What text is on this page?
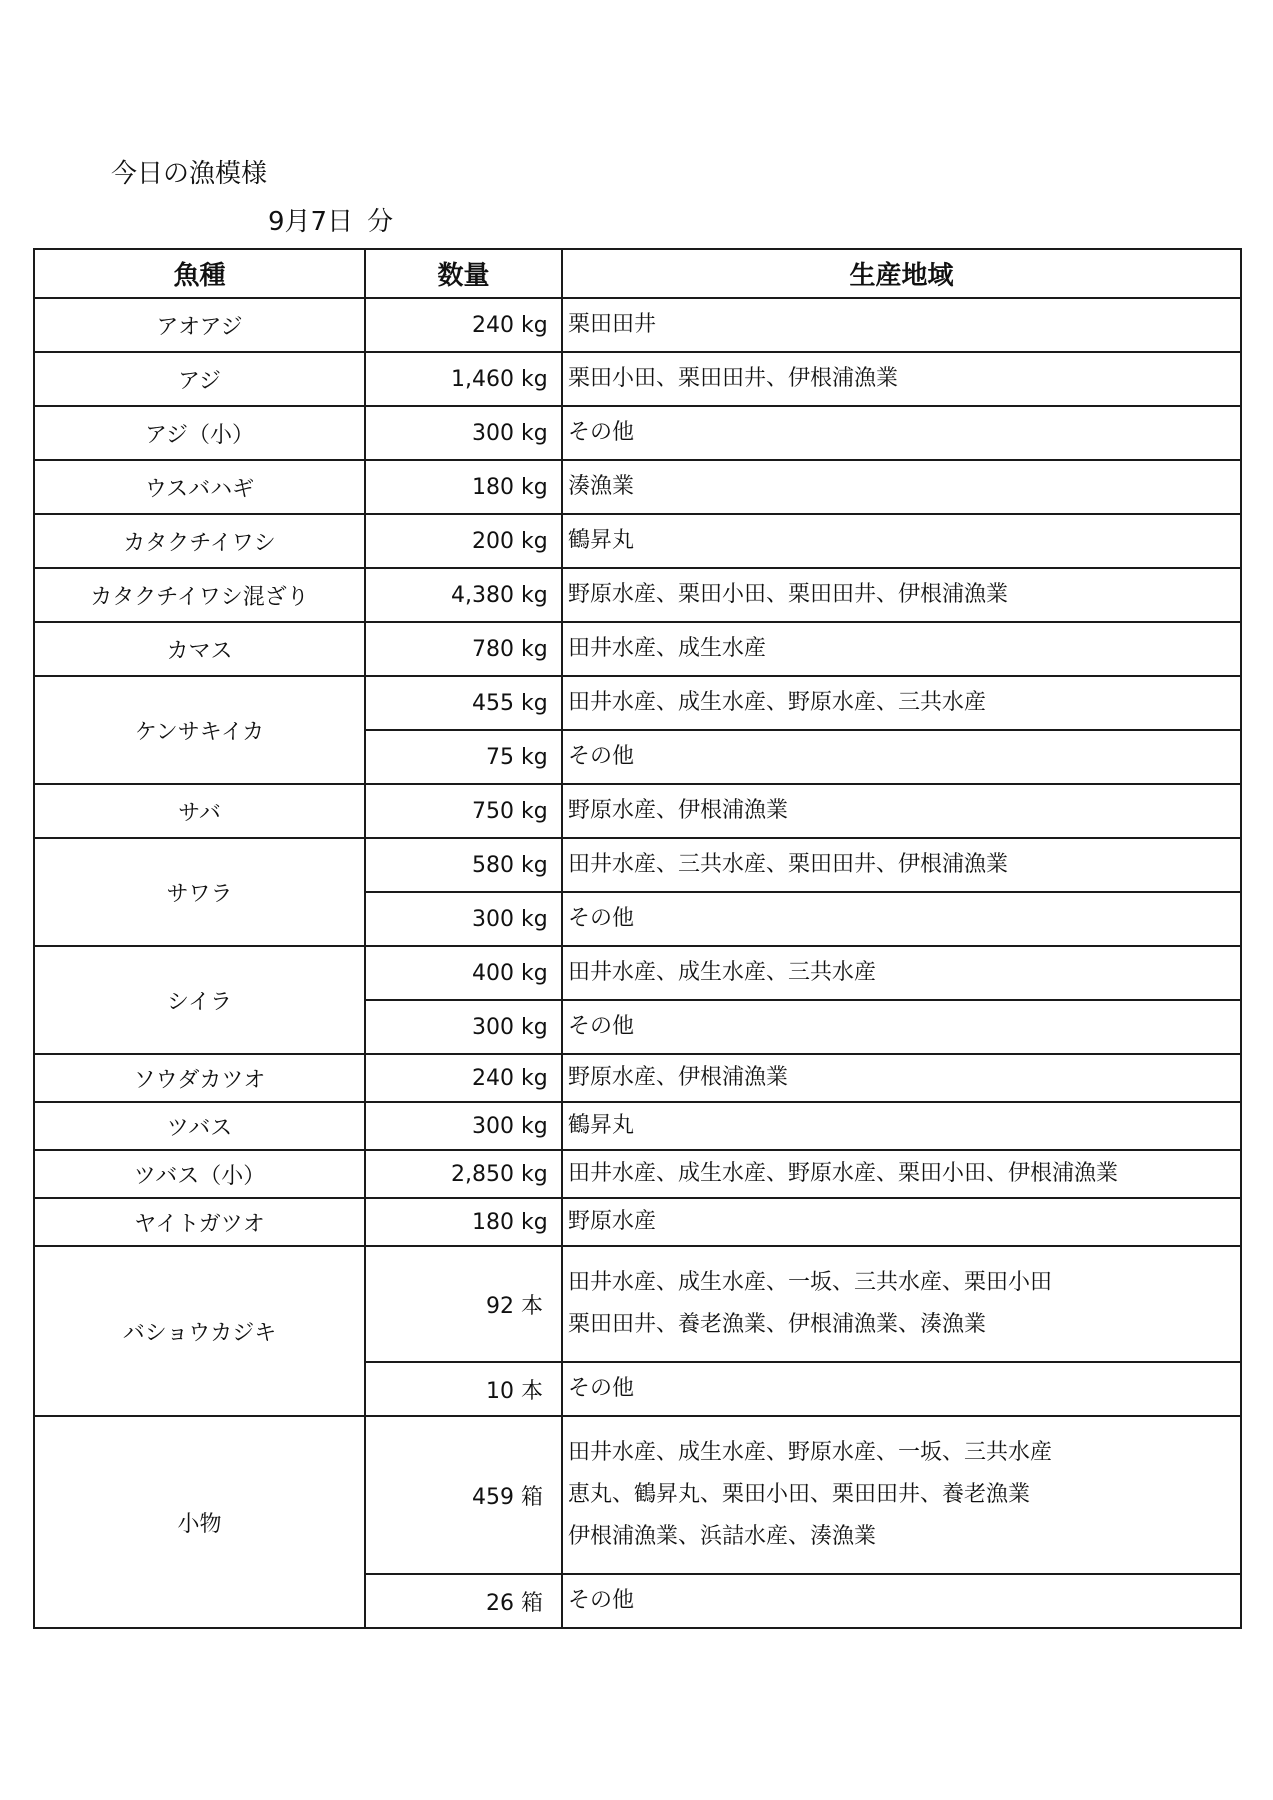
今日の漁模様
9月7日 分
魚種	数量	生産地域
アオアジ	240 kg	栗田田井

アジ	1,460 kg	栗田小田、栗田田井、伊根浦漁業

アジ（小）	300 kg	その他

ウスバハギ	180 kg	湊漁業

カタクチイワシ	200 kg	鶴昇丸

カタクチイワシ混ざり	4,380 kg	野原水産、栗田小田、栗田田井、伊根浦漁業

カマス	780 kg	田井水産、成生水産

ケンサキイカ	455 kg	田井水産、成生水産、野原水産、三共水産

	75 kg	その他

サバ	750 kg	野原水産、伊根浦漁業

サワラ	580 kg	田井水産、三共水産、栗田田井、伊根浦漁業

	300 kg	その他

シイラ	400 kg	田井水産、成生水産、三共水産

	300 kg	その他

ソウダカツオ	240 kg	野原水産、伊根浦漁業

ツバス	300 kg	鶴昇丸

ツバス（小）	2,850 kg	田井水産、成生水産、野原水産、栗田小田、伊根浦漁業

ヤイトガツオ	180 kg	野原水産

バショウカジキ	92 本	田井水産、成生水産、一坂、三共水産、栗田小田
栗田田井、養老漁業、伊根浦漁業、湊漁業

	10 本	その他

小物	459 箱	田井水産、成生水産、野原水産、一坂、三共水産
恵丸、鶴昇丸、栗田小田、栗田田井、養老漁業
伊根浦漁業、浜詰水産、湊漁業

	26 箱	その他
